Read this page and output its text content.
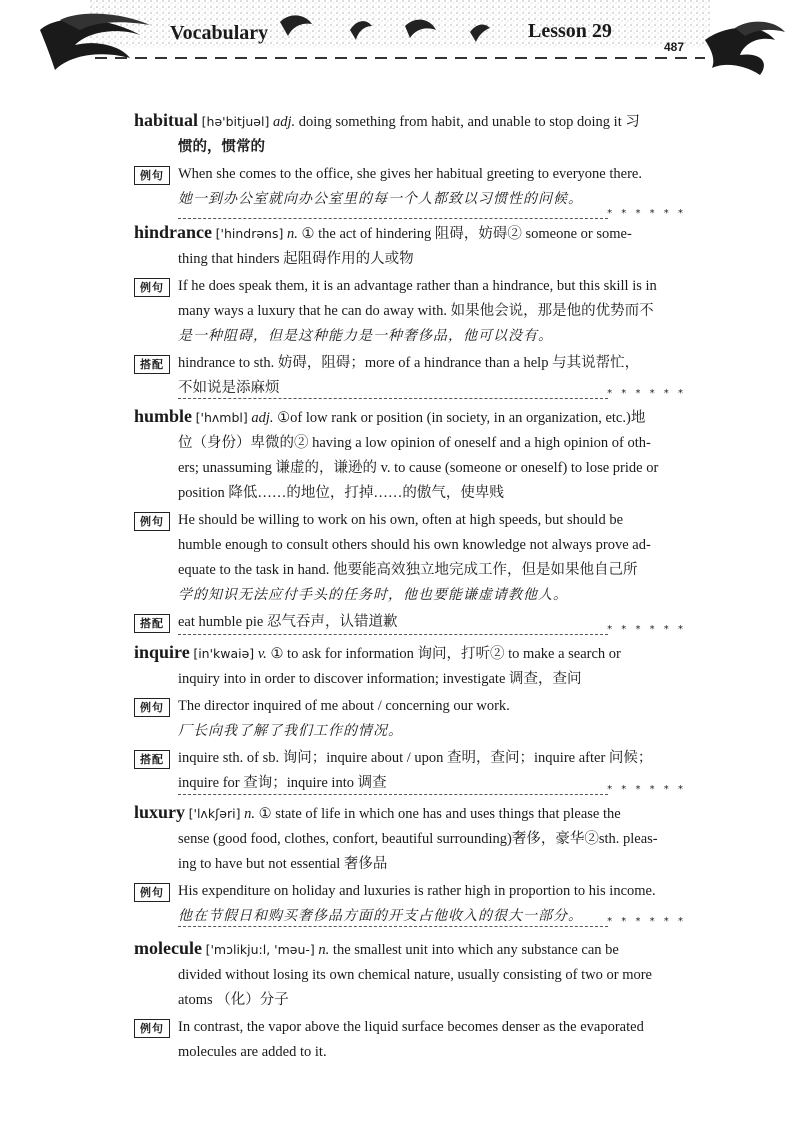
Vocabulary	Lesson 29
487
habitual [hə'bitjuəl] adj. doing something from habit, and unable to stop doing it 习
惯的，惯常的
例句 When she comes to the office, she gives her habitual greeting to everyone there.
她一到办公室就向办公室里的每一个人都致以习惯性的问候。
* * * * * *
hindrance ['hindrəns] n. ① the act of hindering 阻碍，妨碍② someone or some-
thing that hinders 起阻碍作用的人或物
例句 If he does speak them, it is an advantage rather than a hindrance, but this skill is in
many ways a luxury that he can do away with. 如果他会说，那是他的优势而不
是一种阻碍，但是这种能力是一种奢侈品，他可以没有。
搭配 hindrance to sth. 妨碍，阻碍；more of a hindrance than a help 与其说帮忙，
不如说是添麻烦	* * * * * *
humble ['hʌmbl] adj. ①of low rank or position (in society, in an organization, etc.)地
位（身份）卑微的② having a low opinion of oneself and a high opinion of oth-
ers; unassuming 谦虚的，谦逊的 v. to cause (someone or oneself) to lose pride or
position 降低……的地位，打掉……的傲气，使卑贱
例句 He should be willing to work on his own, often at high speeds, but should be
humble enough to consult others should his own knowledge not always prove ad-
equate to the task in hand. 他要能高效独立地完成工作，但是如果他自己所
学的知识无法应付手头的任务时，他也要能谦虚请教他人。
搭配 eat humble pie 忍气吞声，认错道歉	* * * * * *
inquire [in'kwaiə] v. ① to ask for information 询问，打听② to make a search or
inquiry into in order to discover information; investigate 调查，查问
例句 The director inquired of me about / concerning our work.
厂长向我了解了我们工作的情况。
搭配 inquire sth. of sb. 询问；inquire about / upon 查明，查问；inquire after 问候；
inquire for 查询；inquire into 调查	* * * * * *
luxury ['lʌkʃəri] n. ① state of life in which one has and uses things that please the
sense (good food, clothes, confort, beautiful surrounding)奢侈，豪华②sth. pleas-
ing to have but not essential 奢侈品
例句 His expenditure on holiday and luxuries is rather high in proportion to his income.
他在节假日和购买奢侈品方面的开支占他收入的很大一部分。	* * * * * *
molecule ['mɔlikju:l, 'məu-] n. the smallest unit into which any substance can be
divided without losing its own chemical nature, usually consisting of two or more
atoms （化）分子
例句 In contrast, the vapor above the liquid surface becomes denser as the evaporated
molecules are added to it.
